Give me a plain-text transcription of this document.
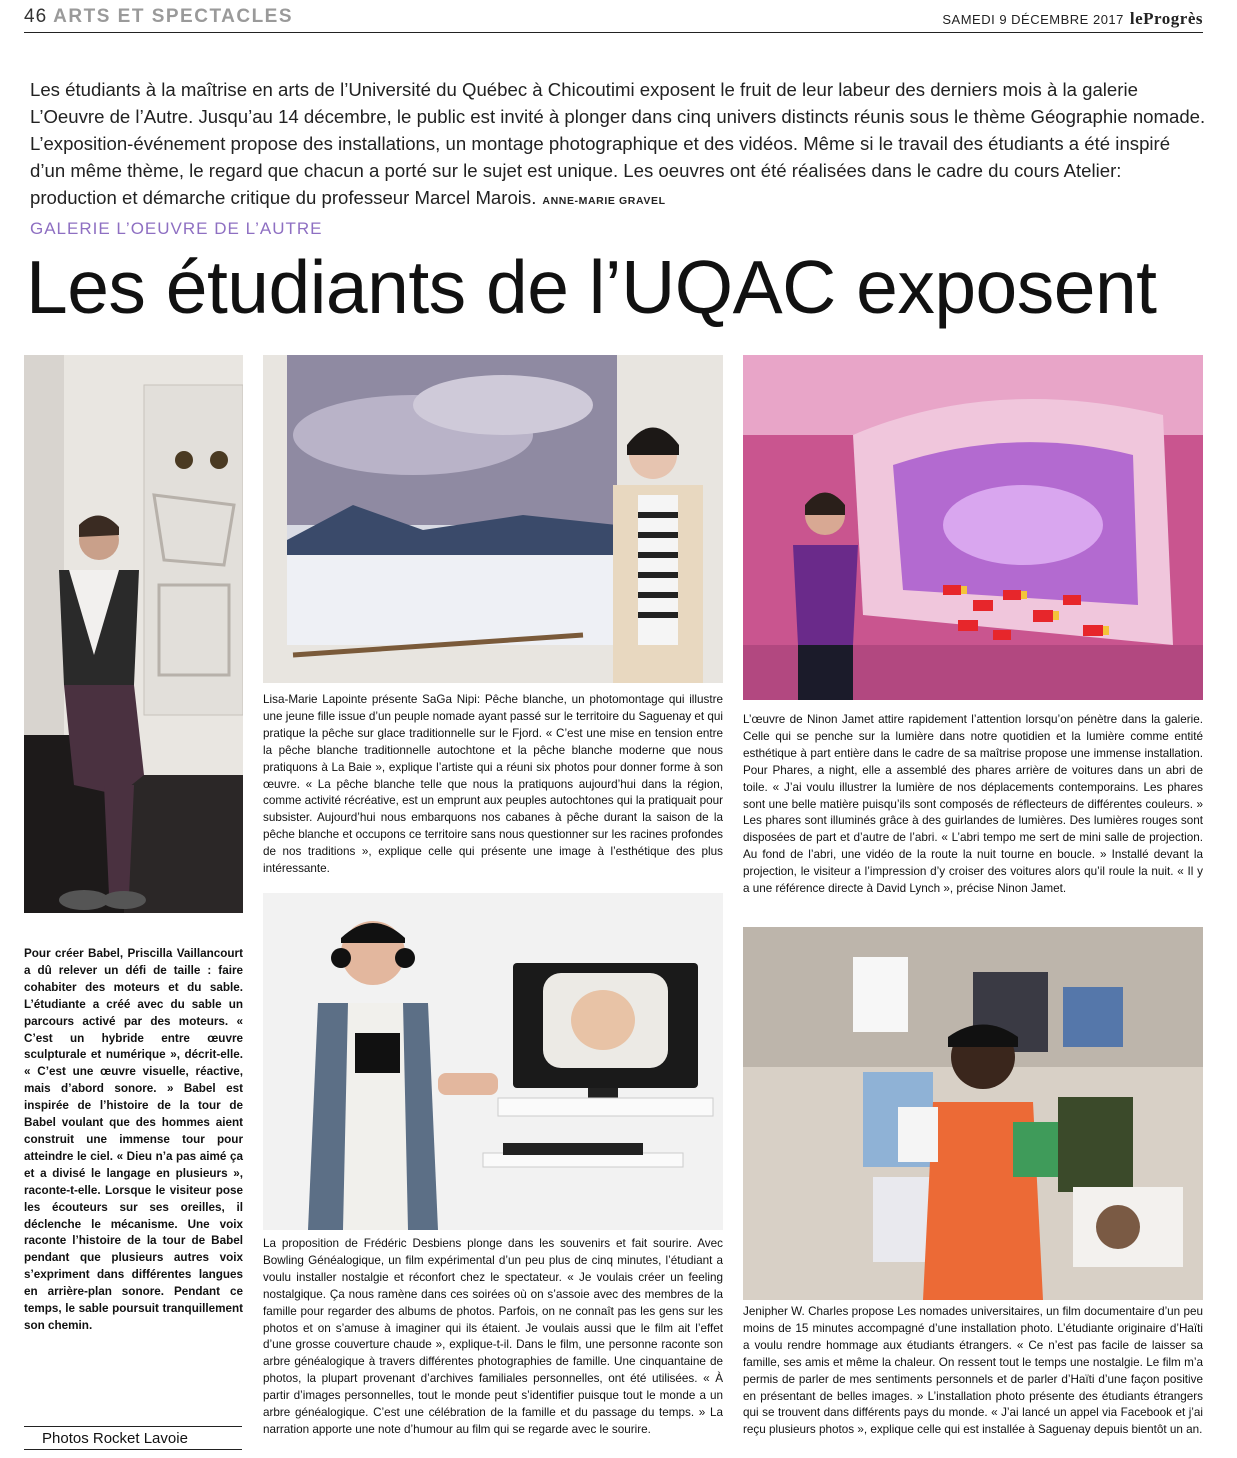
46 ARTS ET SPECTACLES	SAMEDI 9 DÉCEMBRE 2017 leProgrès
Les étudiants à la maîtrise en arts de l’Université du Québec à Chicoutimi exposent le fruit de leur labeur des derniers mois à la galerie L’Oeuvre de l’Autre. Jusqu’au 14 décembre, le public est invité à plonger dans cinq univers distincts réunis sous le thème Géographie nomade. L’exposition-événement propose des installations, un montage photographique et des vidéos. Même si le travail des étudiants a été inspiré d’un même thème, le regard que chacun a porté sur le sujet est unique. Les oeuvres ont été réalisées dans le cadre du cours Atelier: production et démarche critique du professeur Marcel Marois. ANNE-MARIE GRAVEL
GALERIE L’OEUVRE DE L’AUTRE
Les étudiants de l’UQAC exposent
Lisa-Marie Lapointe présente SaGa Nipi: Pêche blanche, un photomontage qui illustre une jeune fille issue d’un peuple nomade ayant passé sur le territoire du Saguenay et qui pratique la pêche sur glace traditionnelle sur le Fjord. « C’est une mise en tension entre la pêche blanche traditionnelle autochtone et la pêche blanche moderne que nous pratiquons à La Baie », explique l’artiste qui a réuni six photos pour donner forme à son œuvre. « La pêche blanche telle que nous la pratiquons aujourd’hui dans la région, comme activité récréative, est un emprunt aux peuples autochtones qui la pratiquait pour subsister. Aujourd’hui nous embarquons nos cabanes à pêche durant la saison de la pêche blanche et occupons ce territoire sans nous questionner sur les racines profondes de nos traditions », explique celle qui présente une image à l’esthétique des plus intéressante.
L’œuvre de Ninon Jamet attire rapidement l’attention lorsqu’on pénètre dans la galerie. Celle qui se penche sur la lumière dans notre quotidien et la lumière comme entité esthétique à part entière dans le cadre de sa maîtrise propose une immense installation. Pour Phares, a night, elle a assemblé des phares arrière de voitures dans un abri de toile. « J’ai voulu illustrer la lumière de nos déplacements contemporains. Les phares sont une belle matière puisqu’ils sont composés de réflecteurs de différentes couleurs. » Les phares sont illuminés grâce à des guirlandes de lumières. Des lumières rouges sont disposées de part et d’autre de l’abri. « L’abri tempo me sert de mini salle de projection. Au fond de l’abri, une vidéo de la route la nuit tourne en boucle. » Installé devant la projection, le visiteur a l’impression d’y croiser des voitures alors qu’il roule la nuit. « Il y a une référence directe à David Lynch », précise Ninon Jamet.
La proposition de Frédéric Desbiens plonge dans les souvenirs et fait sourire. Avec Bowling Généalogique, un film expérimental d’un peu plus de cinq minutes, l’étudiant a voulu installer nostalgie et réconfort chez le spectateur. « Je voulais créer un feeling nostalgique. Ça nous ramène dans ces soirées où on s’assoie avec des membres de la famille pour regarder des albums de photos. Parfois, on ne connaît pas les gens sur les photos et on s’amuse à imaginer qui ils étaient. Je voulais aussi que le film ait l’effet d’une grosse couverture chaude », explique-t-il. Dans le film, une personne raconte son arbre généalogique à travers différentes photographies de famille. Une cinquantaine de photos, la plupart provenant d’archives familiales personnelles, ont été utilisées. « À partir d’images personnelles, tout le monde peut s’identifier puisque tout le monde a un arbre généalogique. C’est une célébration de la famille et du passage du temps. » La narration apporte une note d’humour au film qui se regarde avec le sourire.
Jenipher W. Charles propose Les nomades universitaires, un film documentaire d’un peu moins de 15 minutes accompagné d’une installation photo. L’étudiante originaire d’Haïti a voulu rendre hommage aux étudiants étrangers. « Ce n’est pas facile de laisser sa famille, ses amis et même la chaleur. On ressent tout le temps une nostalgie. Le film m’a permis de parler de mes sentiments personnels et de parler d’Haïti d’une façon positive en présentant de belles images. » L’installation photo présente des étudiants étrangers qui se trouvent dans différents pays du monde. « J’ai lancé un appel via Facebook et j’ai reçu plusieurs photos », explique celle qui est installée à Saguenay depuis bientôt un an.
Pour créer Babel, Priscilla Vaillancourt a dû relever un défi de taille : faire cohabiter des moteurs et du sable. L’étudiante a créé avec du sable un parcours activé par des moteurs. « C’est un hybride entre œuvre sculpturale et numérique », décrit-elle. « C’est une œuvre visuelle, réactive, mais d’abord sonore. » Babel est inspirée de l’histoire de la tour de Babel voulant que des hommes aient construit une immense tour pour atteindre le ciel. « Dieu n’a pas aimé ça et a divisé le langage en plusieurs », raconte-t-elle. Lorsque le visiteur pose les écouteurs sur ses oreilles, il déclenche le mécanisme. Une voix raconte l’histoire de la tour de Babel pendant que plusieurs autres voix s’expriment dans différentes langues en arrière-plan sonore. Pendant ce temps, le sable poursuit tranquillement son chemin.
Photos Rocket Lavoie
